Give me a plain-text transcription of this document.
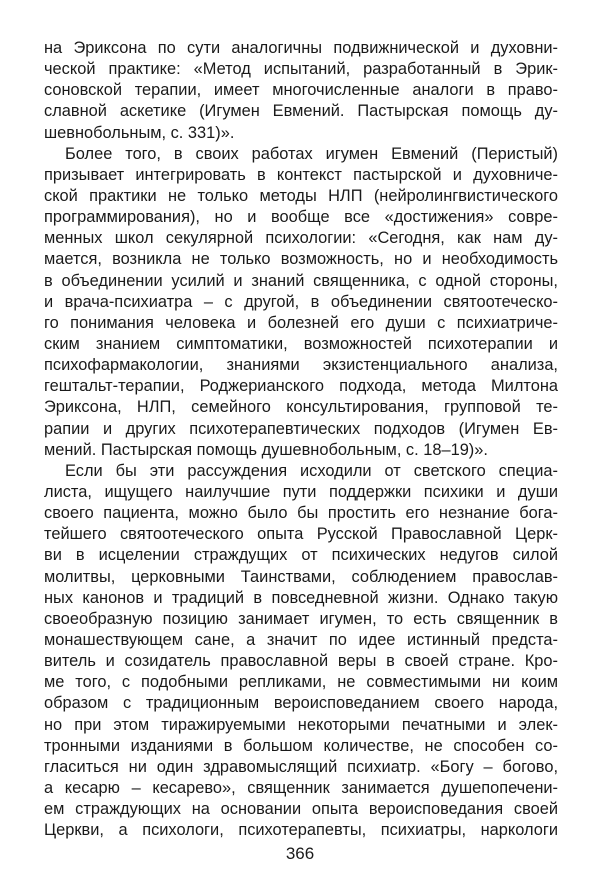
на Эриксона по сути аналогичны подвижнической и духовни-
ческой практике: «Метод испытаний, разработанный в Эрик-
соновской терапии, имеет многочисленные аналоги в право-
славной аскетике (Игумен Евмений. Пастырская помощь ду-
шевнобольным, с. 331)».
Более того, в своих работах игумен Евмений (Перистый)
призывает интегрировать в контекст пастырской и духовниче-
ской практики не только методы НЛП (нейролингвистического
программирования), но и вообще все «достижения» совре-
менных школ секулярной психологии: «Сегодня, как нам ду-
мается, возникла не только возможность, но и необходимость
в объединении усилий и знаний священника, с одной стороны,
и врача-психиатра – с другой, в объединении святоотеческо-
го понимания человека и болезней его души с психиатриче-
ским знанием симптоматики, возможностей психотерапии и
психофармакологии, знаниями экзистенциального анализа,
гештальт-терапии, Роджерианского подхода, метода Милтона
Эриксона, НЛП, семейного консультирования, групповой те-
рапии и других психотерапевтических подходов (Игумен Ев-
мений. Пастырская помощь душевнобольным, с. 18–19)».
Если бы эти рассуждения исходили от светского специа-
листа, ищущего наилучшие пути поддержки психики и души
своего пациента, можно было бы простить его незнание бога-
тейшего святоотеческого опыта Русской Православной Церк-
ви в исцелении страждущих от психических недугов силой
молитвы, церковными Таинствами, соблюдением православ-
ных канонов и традиций в повседневной жизни. Однако такую
своеобразную позицию занимает игумен, то есть священник в
монашествующем сане, а значит по идее истинный предста-
витель и созидатель православной веры в своей стране. Кро-
ме того, с подобными репликами, не совместимыми ни коим
образом с традиционным вероисповеданием своего народа,
но при этом тиражируемыми некоторыми печатными и элек-
тронными изданиями в большом количестве, не способен со-
гласиться ни один здравомыслящий психиатр. «Богу – богово,
а кесарю – кесарево», священник занимается душепопечени-
ем страждующих на основании опыта вероисповедания своей
Церкви, а психологи, психотерапевты, психиатры, наркологи
366
